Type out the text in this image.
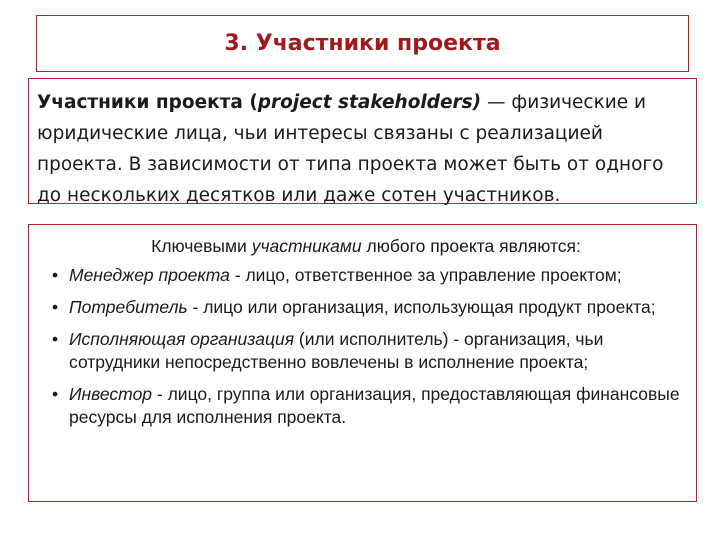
3. Участники проекта
Участники проекта (project stakeholders) — физические и юридические лица, чьи интересы связаны с реализацией проекта. В зависимости от типа проекта может быть от одного до нескольких десятков или даже сотен участников.

Ключевыми участниками любого проекта являются:

• Менеджер проекта - лицо, ответственное за управление проектом;
• Потребитель - лицо или организация, использующая продукт проекта;
• Исполняющая организация (или исполнитель) - организация, чьи сотрудники непосредственно вовлечены в исполнение проекта;
• Инвестор - лицо, группа или организация, предоставляющая финансовые ресурсы для исполнения проекта.
